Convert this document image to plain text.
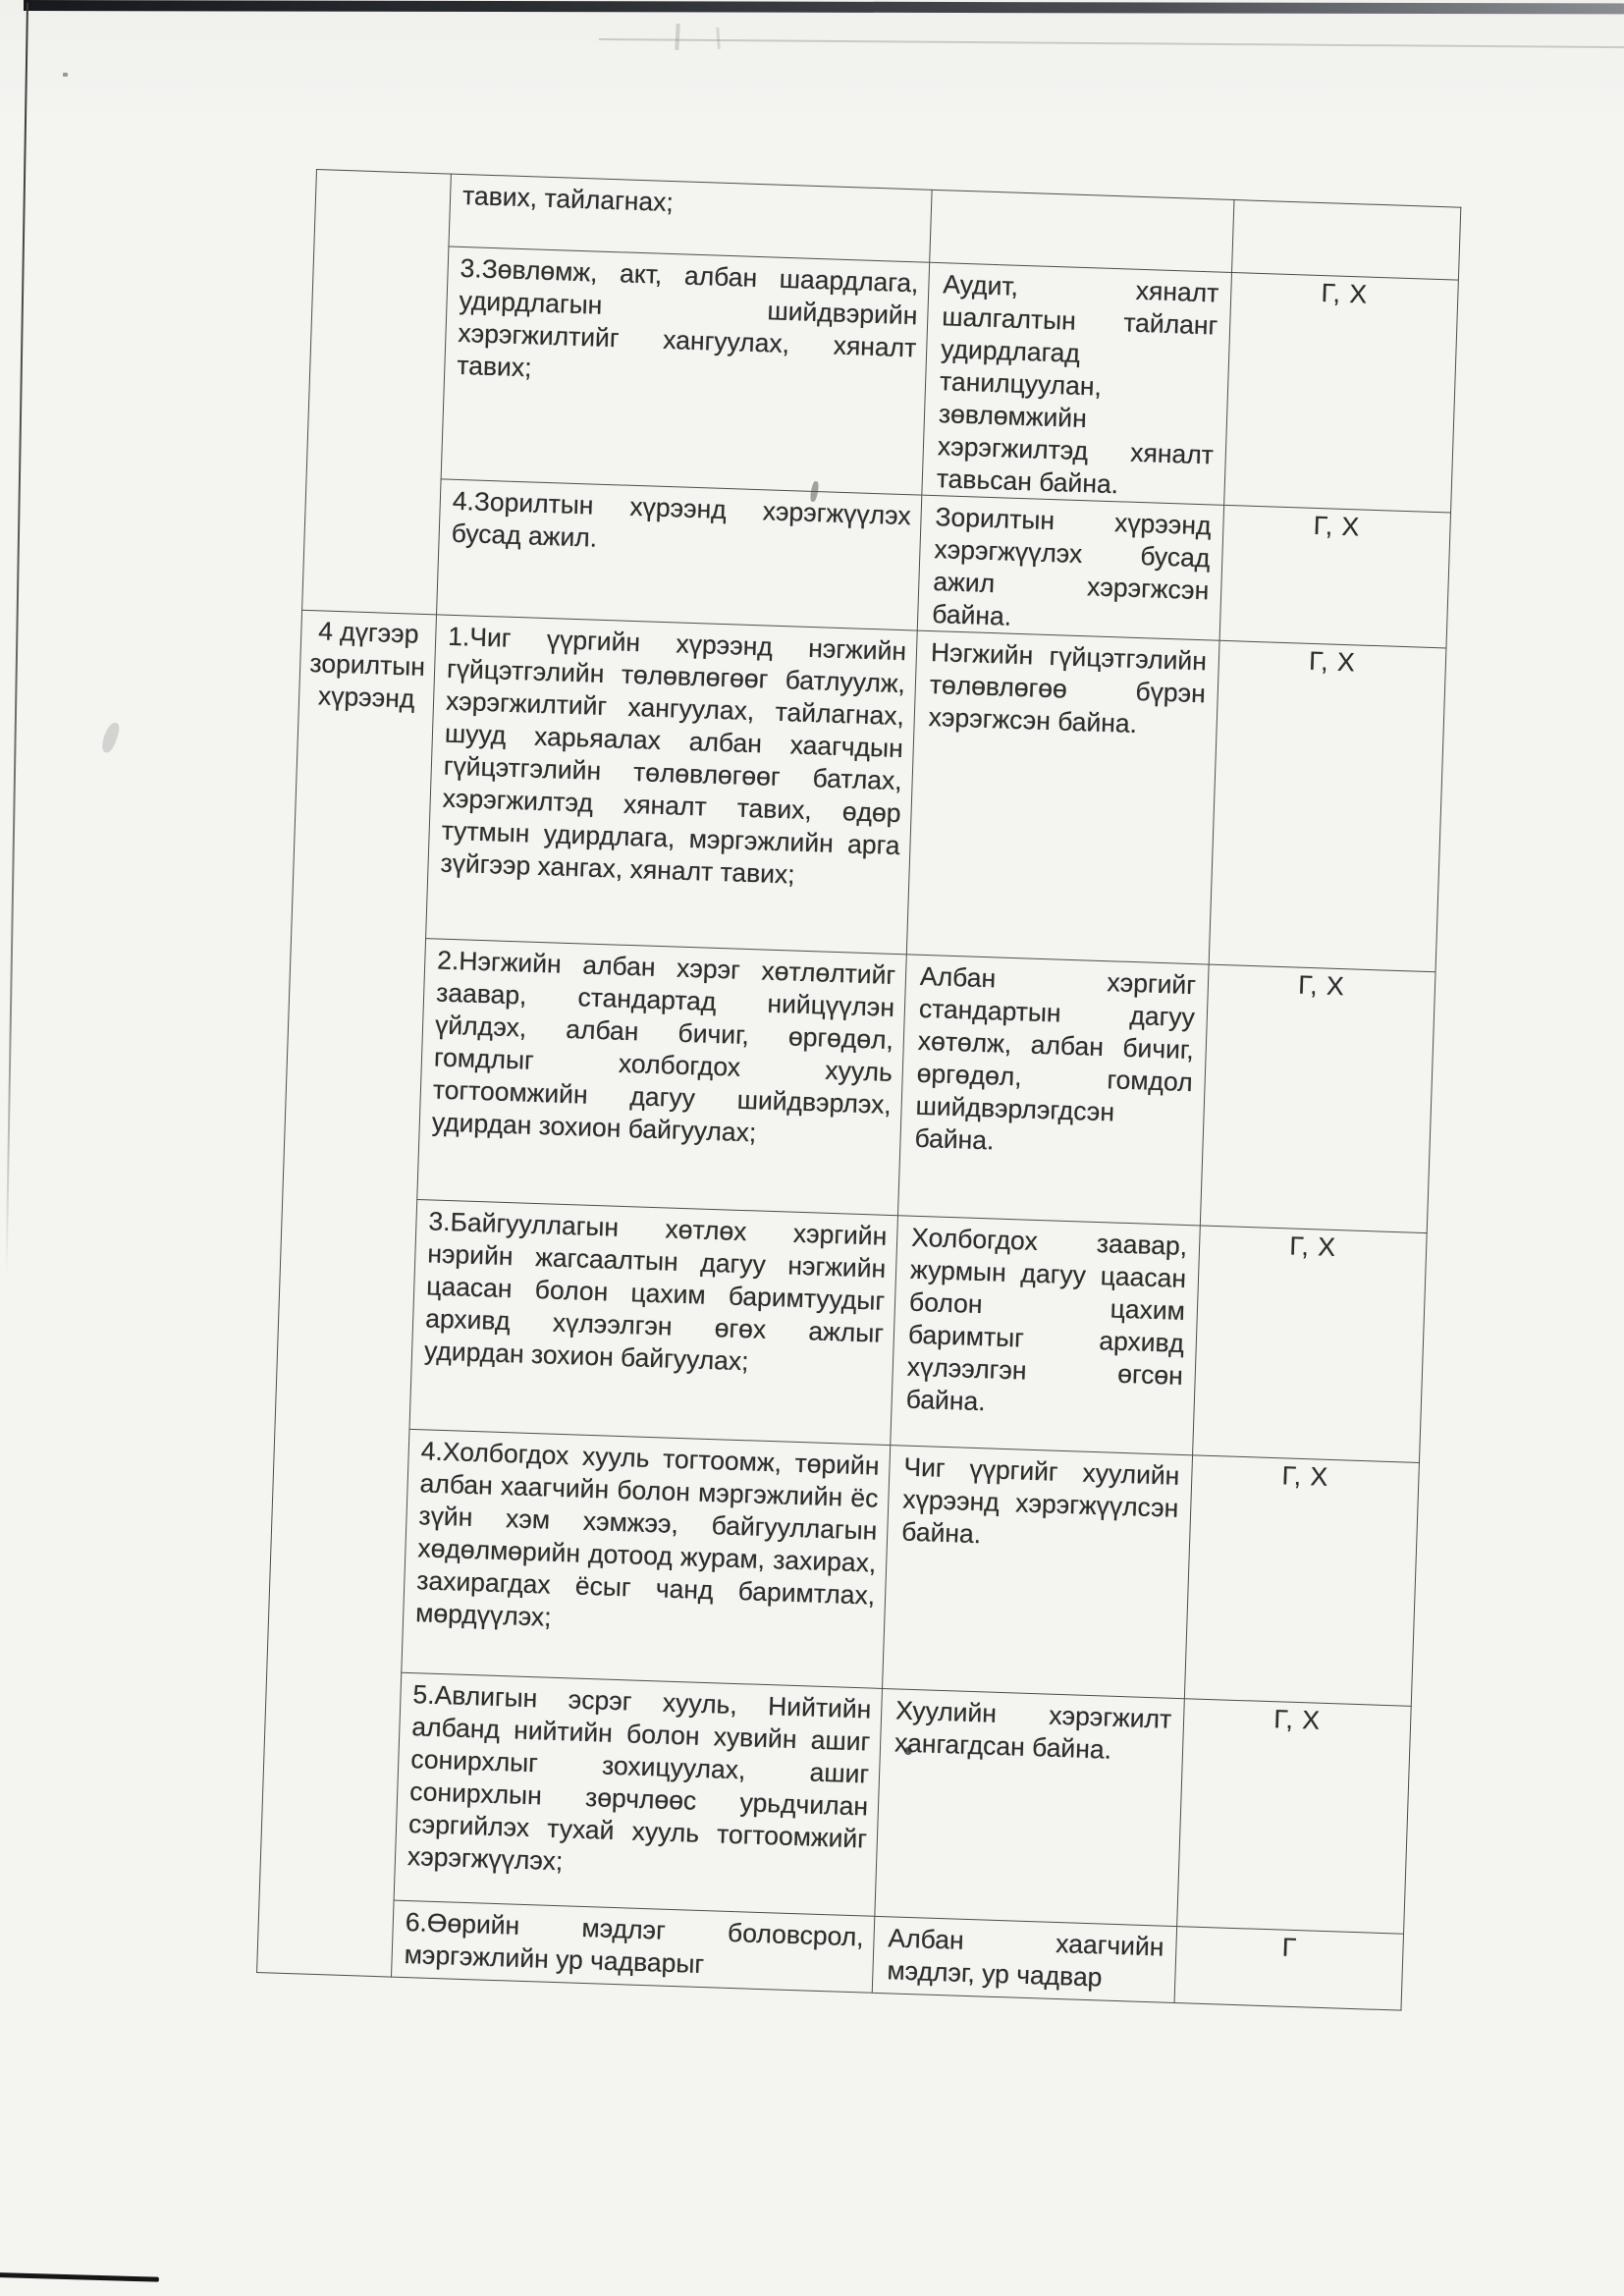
	тавих, тайлагнах;		
	3.Зөвлөмж, акт, албан шаардлага, удирдлагын шийдвэрийн хэрэгжилтийг хангуулах, хяналт тавих;	Аудит, хяналт шалгалтын тайланг удирдлагад танилцуулан, зөвлөмжийн хэрэгжилтэд хяналт тавьсан байна.	Г, Х
	4.Зорилтын хүрээнд хэрэгжүүлэх бусад ажил.	Зорилтын хүрээнд хэрэгжүүлэх бусад ажил хэрэгжсэн байна.	Г, Х
4 дүгээр зорилтын хүрээнд	1.Чиг үүргийн хүрээнд нэгжийн гүйцэтгэлийн төлөвлөгөөг батлуулж, хэрэгжилтийг хангуулах, тайлагнах, шууд харьяалах албан хаагчдын гүйцэтгэлийн төлөвлөгөөг батлах, хэрэгжилтэд хяналт тавих, өдөр тутмын удирдлага, мэргэжлийн арга зүйгээр хангах, хяналт тавих;	Нэгжийн гүйцэтгэлийн төлөвлөгөө бүрэн хэрэгжсэн байна.	Г, Х
	2.Нэгжийн албан хэрэг хөтлөлтийг заавар, стандартад нийцүүлэн үйлдэх, албан бичиг, өргөдөл, гомдлыг холбогдох хууль тогтоомжийн дагуу шийдвэрлэх, удирдан зохион байгуулах;	Албан хэргийг стандартын дагуу хөтөлж, албан бичиг, өргөдөл, гомдол шийдвэрлэгдсэн байна.	Г, Х
	3.Байгууллагын хөтлөх хэргийн нэрийн жагсаалтын дагуу нэгжийн цаасан болон цахим баримтуудыг архивд хүлээлгэн өгөх ажлыг удирдан зохион байгуулах;	Холбогдох заавар, журмын дагуу цаасан болон цахим баримтыг архивд хүлээлгэн өгсөн байна.	Г, Х
	4.Холбогдох хууль тогтоомж, төрийн албан хаагчийн болон мэргэжлийн ёс зүйн хэм хэмжээ, байгууллагын хөдөлмөрийн дотоод журам, захирах, захирагдах ёсыг чанд баримтлах, мөрдүүлэх;	Чиг үүргийг хуулийн хүрээнд хэрэгжүүлсэн байна.	Г, Х
	5.Авлигын эсрэг хууль, Нийтийн албанд нийтийн болон хувийн ашиг сонирхлыг зохицуулах, ашиг сонирхлын зөрчлөөс урьдчилан сэргийлэх тухай хууль тогтоомжийг хэрэгжүүлэх;	Хуулийн хэрэгжилт хангагдсан байна.	Г, Х
	6.Өөрийн мэдлэг боловсрол, мэргэжлийн ур чадварыг	Албан хаагчийн мэдлэг, ур чадвар	Г
